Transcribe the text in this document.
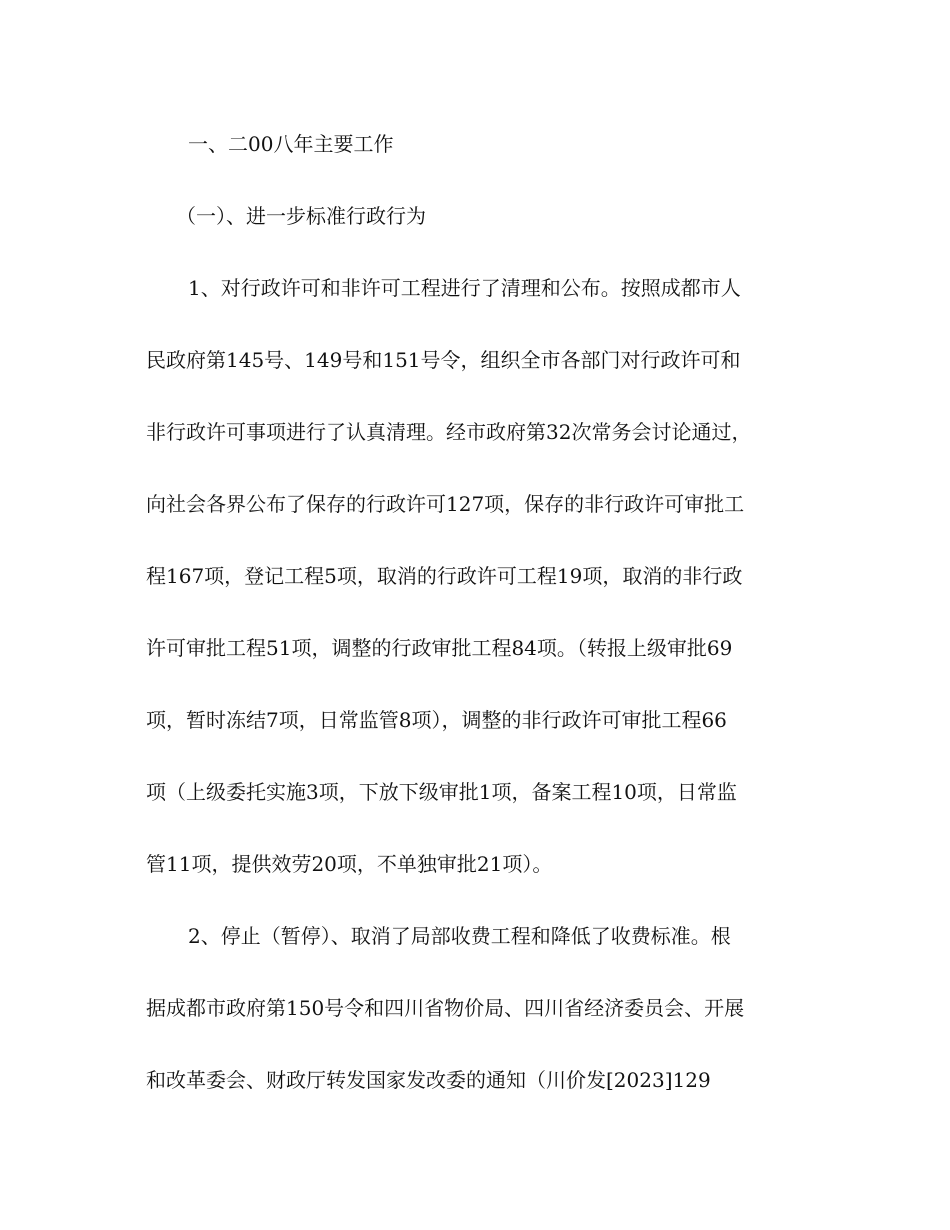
一、二00八年主要工作
（一）、进一步标准行政行为
1、对行政许可和非许可工程进行了清理和公布。按照成都市人
民政府第145号、149号和151号令，组织全市各部门对行政许可和
非行政许可事项进行了认真清理。经市政府第32次常务会讨论通过，
向社会各界公布了保存的行政许可127项，保存的非行政许可审批工
程167项，登记工程5项，取消的行政许可工程19项，取消的非行政
许可审批工程51项，调整的行政审批工程84项。（转报上级审批69
项，暂时冻结7项，日常监管8项），调整的非行政许可审批工程66
项（上级委托实施3项，下放下级审批1项，备案工程10项，日常监
管11项，提供效劳20项，不单独审批21项）。
2、停止（暂停）、取消了局部收费工程和降低了收费标准。根
据成都市政府第150号令和四川省物价局、四川省经济委员会、开展
和改革委会、财政厅转发国家发改委的通知（川价发[2023]129
